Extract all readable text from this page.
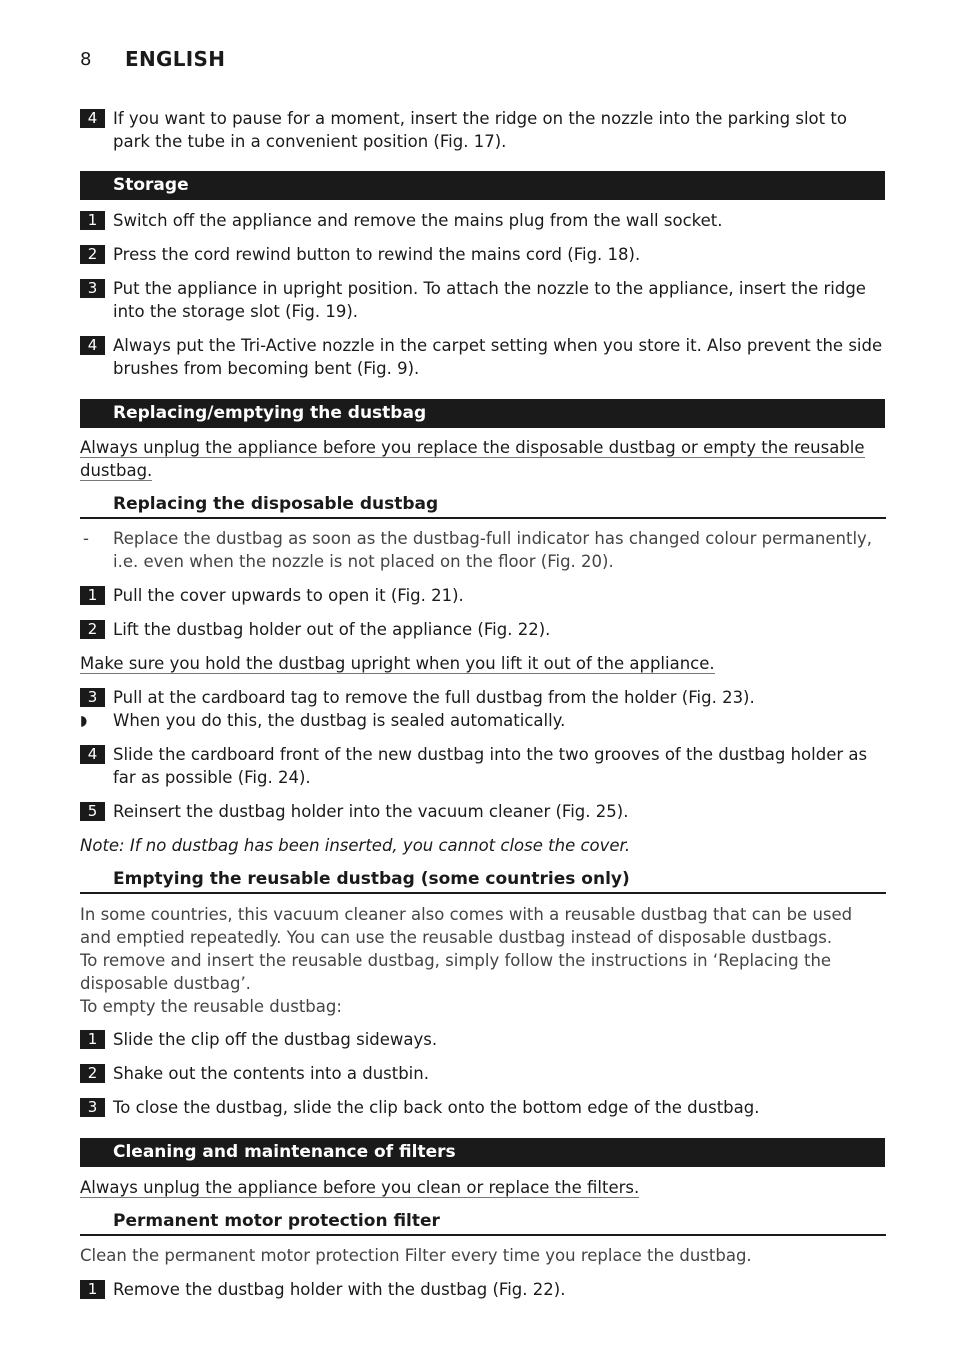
8 ENGLISH
4 If you want to pause for a moment, insert the ridge on the nozzle into the parking slot to park the tube in a convenient position (Fig. 17).
Storage
1 Switch off the appliance and remove the mains plug from the wall socket.
2 Press the cord rewind button to rewind the mains cord (Fig. 18).
3 Put the appliance in upright position. To attach the nozzle to the appliance, insert the ridge into the storage slot (Fig. 19).
4 Always put the Tri-Active nozzle in the carpet setting when you store it. Also prevent the side brushes from becoming bent (Fig. 9).
Replacing/emptying the dustbag
Always unplug the appliance before you replace the disposable dustbag or empty the reusable dustbag.
Replacing the disposable dustbag
- Replace the dustbag as soon as the dustbag-full indicator has changed colour permanently, i.e. even when the nozzle is not placed on the floor (Fig. 20).
1 Pull the cover upwards to open it (Fig. 21).
2 Lift the dustbag holder out of the appliance (Fig. 22).
Make sure you hold the dustbag upright when you lift it out of the appliance.
3 Pull at the cardboard tag to remove the full dustbag from the holder (Fig. 23).
◗ When you do this, the dustbag is sealed automatically.
4 Slide the cardboard front of the new dustbag into the two grooves of the dustbag holder as far as possible (Fig. 24).
5 Reinsert the dustbag holder into the vacuum cleaner (Fig. 25).
Note: If no dustbag has been inserted, you cannot close the cover.
Emptying the reusable dustbag (some countries only)
In some countries, this vacuum cleaner also comes with a reusable dustbag that can be used and emptied repeatedly. You can use the reusable dustbag instead of disposable dustbags.
To remove and insert the reusable dustbag, simply follow the instructions in ‘Replacing the disposable dustbag’.
To empty the reusable dustbag:
1 Slide the clip off the dustbag sideways.
2 Shake out the contents into a dustbin.
3 To close the dustbag, slide the clip back onto the bottom edge of the dustbag.
Cleaning and maintenance of filters
Always unplug the appliance before you clean or replace the filters.
Permanent motor protection filter
Clean the permanent motor protection Filter every time you replace the dustbag.
1 Remove the dustbag holder with the dustbag (Fig. 22).
